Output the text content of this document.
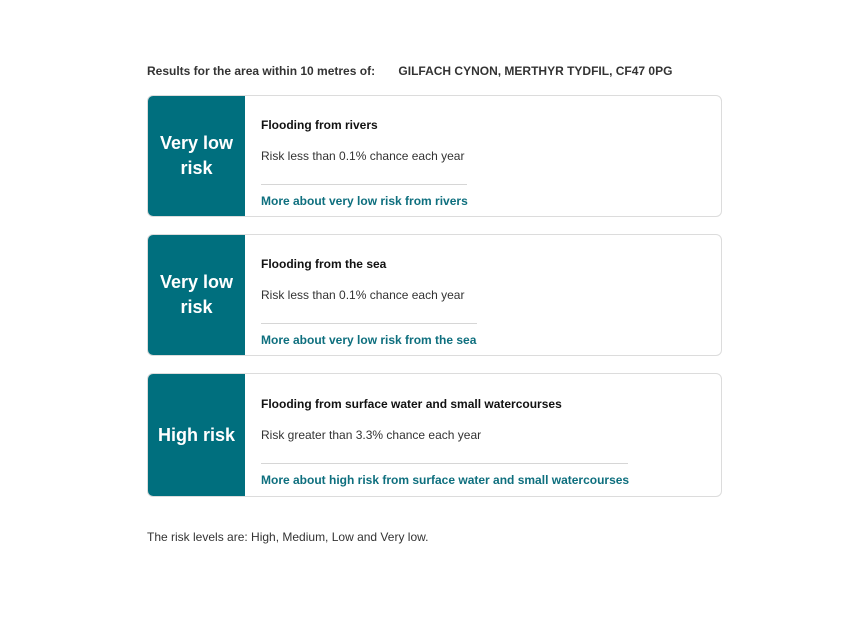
Results for the area within 10 metres of: GILFACH CYNON, MERTHYR TYDFIL, CF47 0PG
Very low risk
Flooding from rivers
Risk less than 0.1% chance each year
More about very low risk from rivers
Very low risk
Flooding from the sea
Risk less than 0.1% chance each year
More about very low risk from the sea
High risk
Flooding from surface water and small watercourses
Risk greater than 3.3% chance each year
More about high risk from surface water and small watercourses
The risk levels are: High, Medium, Low and Very low.
